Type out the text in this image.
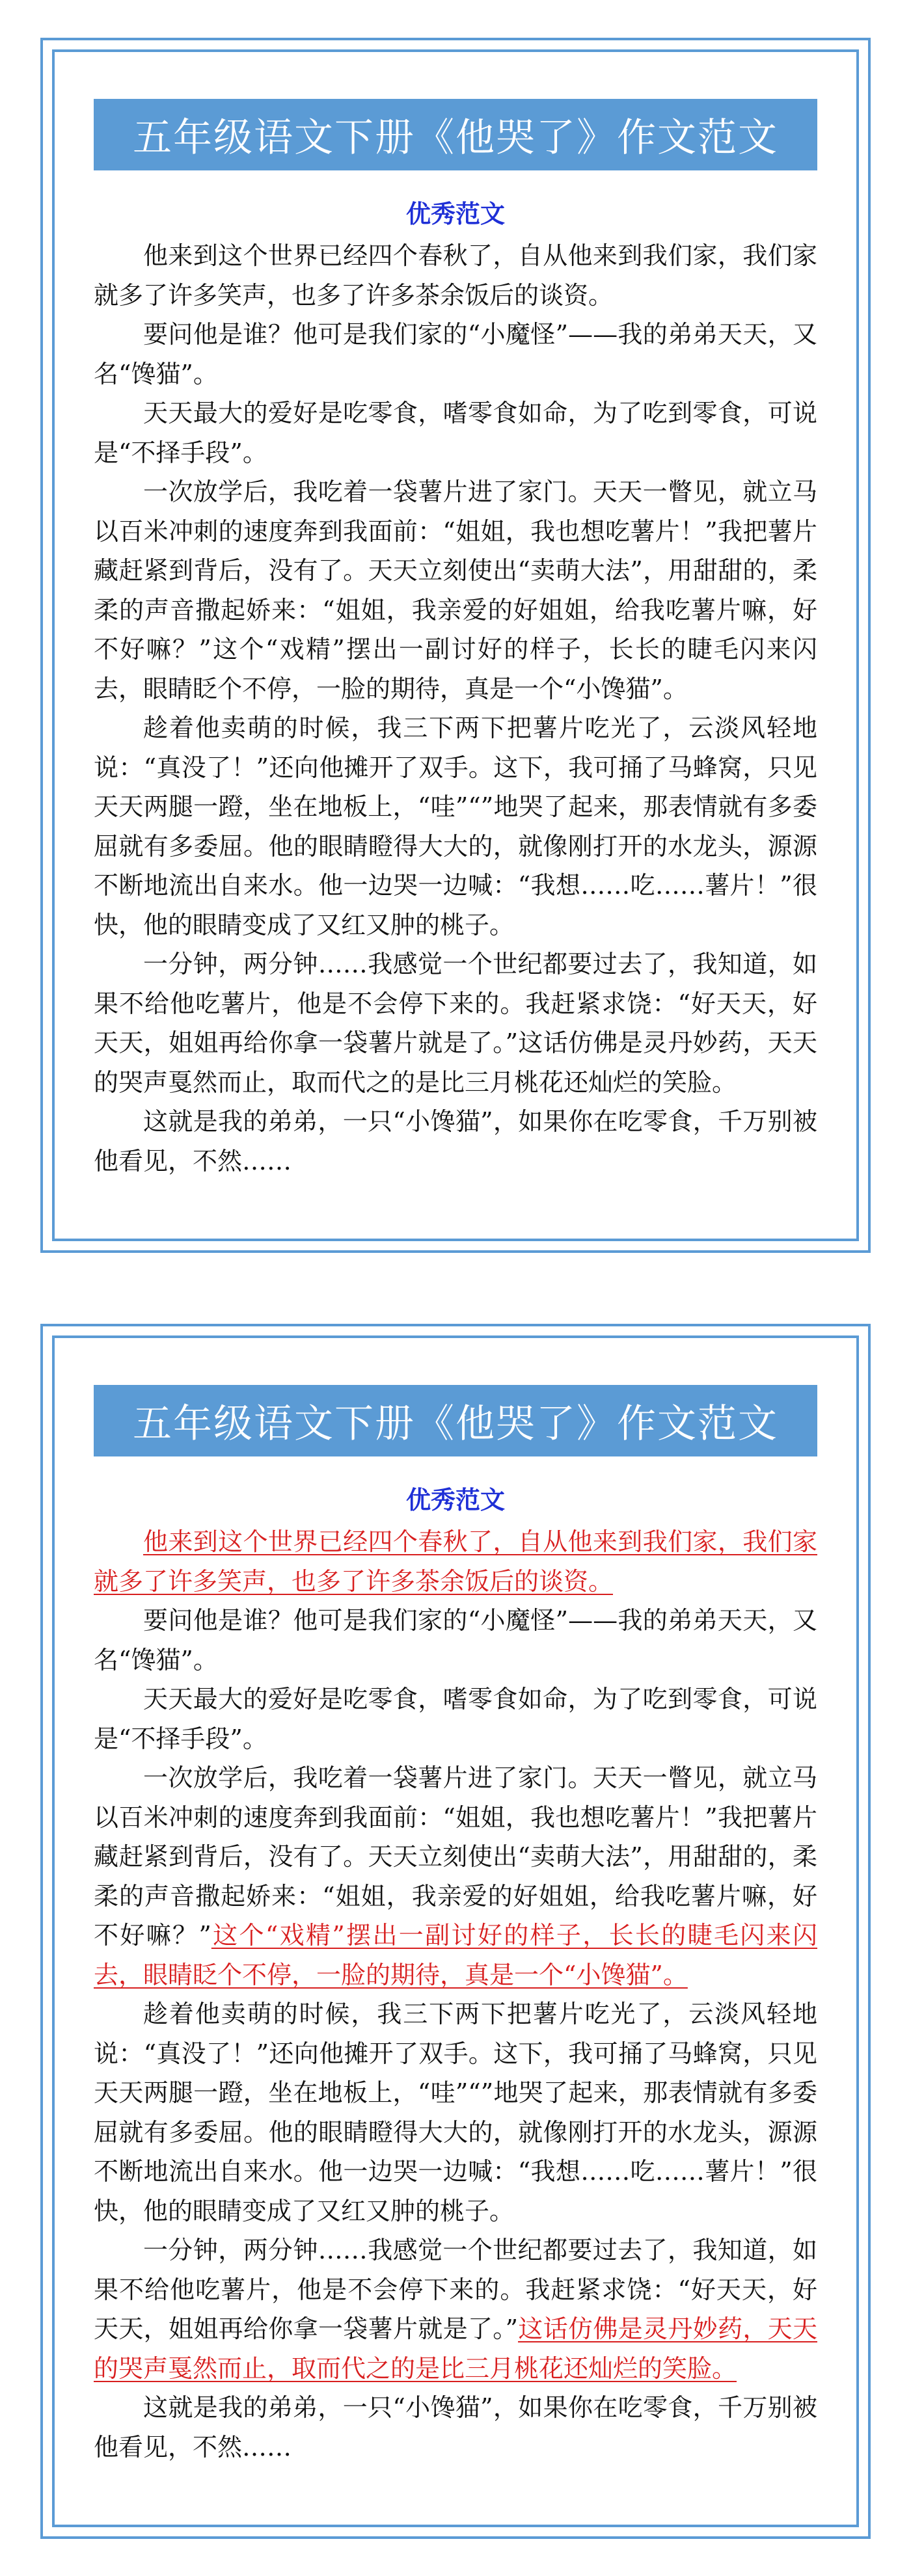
五年级语文下册《他哭了》作文范文
优秀范文

他来到这个世界已经四个春秋了，自从他来到我们家，我们家就多了许多笑声，也多了许多茶余饭后的谈资。

要问他是谁？他可是我们家的“小魔怪”——我的弟弟天天，又名“馋猫”。

天天最大的爱好是吃零食，嗜零食如命，为了吃到零食，可说是“不择手段”。

一次放学后，我吃着一袋薯片进了家门。天天一瞥见，就立马以百米冲刺的速度奔到我面前：“姐姐，我也想吃薯片！”我把薯片藏赶紧到背后，没有了。天天立刻使出“卖萌大法”，用甜甜的，柔柔的声音撒起娇来：“姐姐，我亲爱的好姐姐，给我吃薯片嘛，好不好嘛？”这个“戏精”摆出一副讨好的样子，长长的睫毛闪来闪去，眼睛眨个不停，一脸的期待，真是一个“小馋猫”。

趁着他卖萌的时候，我三下两下把薯片吃光了，云淡风轻地说：“真没了！”还向他摊开了双手。这下，我可捅了马蜂窝，只见天天两腿一蹬，坐在地板上，“哇”“”地哭了起来，那表情就有多委屈就有多委屈。他的眼睛瞪得大大的，就像刚打开的水龙头，源源不断地流出自来水。他一边哭一边喊：“我想……吃……薯片！”很快，他的眼睛变成了又红又肿的桃子。

一分钟，两分钟……我感觉一个世纪都要过去了，我知道，如果不给他吃薯片，他是不会停下来的。我赶紧求饶：“好天天，好天天，姐姐再给你拿一袋薯片就是了。”这话仿佛是灵丹妙药，天天的哭声戛然而止，取而代之的是比三月桃花还灿烂的笑脸。

这就是我的弟弟，一只“小馋猫”，如果你在吃零食，千万别被他看见，不然……

五年级语文下册《他哭了》作文范文
优秀范文

他来到这个世界已经四个春秋了，自从他来到我们家，我们家就多了许多笑声，也多了许多茶余饭后的谈资。

要问他是谁？他可是我们家的“小魔怪”——我的弟弟天天，又名“馋猫”。

天天最大的爱好是吃零食，嗜零食如命，为了吃到零食，可说是“不择手段”。

一次放学后，我吃着一袋薯片进了家门。天天一瞥见，就立马以百米冲刺的速度奔到我面前：“姐姐，我也想吃薯片！”我把薯片藏赶紧到背后，没有了。天天立刻使出“卖萌大法”，用甜甜的，柔柔的声音撒起娇来：“姐姐，我亲爱的好姐姐，给我吃薯片嘛，好不好嘛？”这个“戏精”摆出一副讨好的样子，长长的睫毛闪来闪去，眼睛眨个不停，一脸的期待，真是一个“小馋猫”。

趁着他卖萌的时候，我三下两下把薯片吃光了，云淡风轻地说：“真没了！”还向他摊开了双手。这下，我可捅了马蜂窝，只见天天两腿一蹬，坐在地板上，“哇”“”地哭了起来，那表情就有多委屈就有多委屈。他的眼睛瞪得大大的，就像刚打开的水龙头，源源不断地流出自来水。他一边哭一边喊：“我想……吃……薯片！”很快，他的眼睛变成了又红又肿的桃子。

一分钟，两分钟……我感觉一个世纪都要过去了，我知道，如果不给他吃薯片，他是不会停下来的。我赶紧求饶：“好天天，好天天，姐姐再给你拿一袋薯片就是了。”这话仿佛是灵丹妙药，天天的哭声戛然而止，取而代之的是比三月桃花还灿烂的笑脸。

这就是我的弟弟，一只“小馋猫”，如果你在吃零食，千万别被他看见，不然……
